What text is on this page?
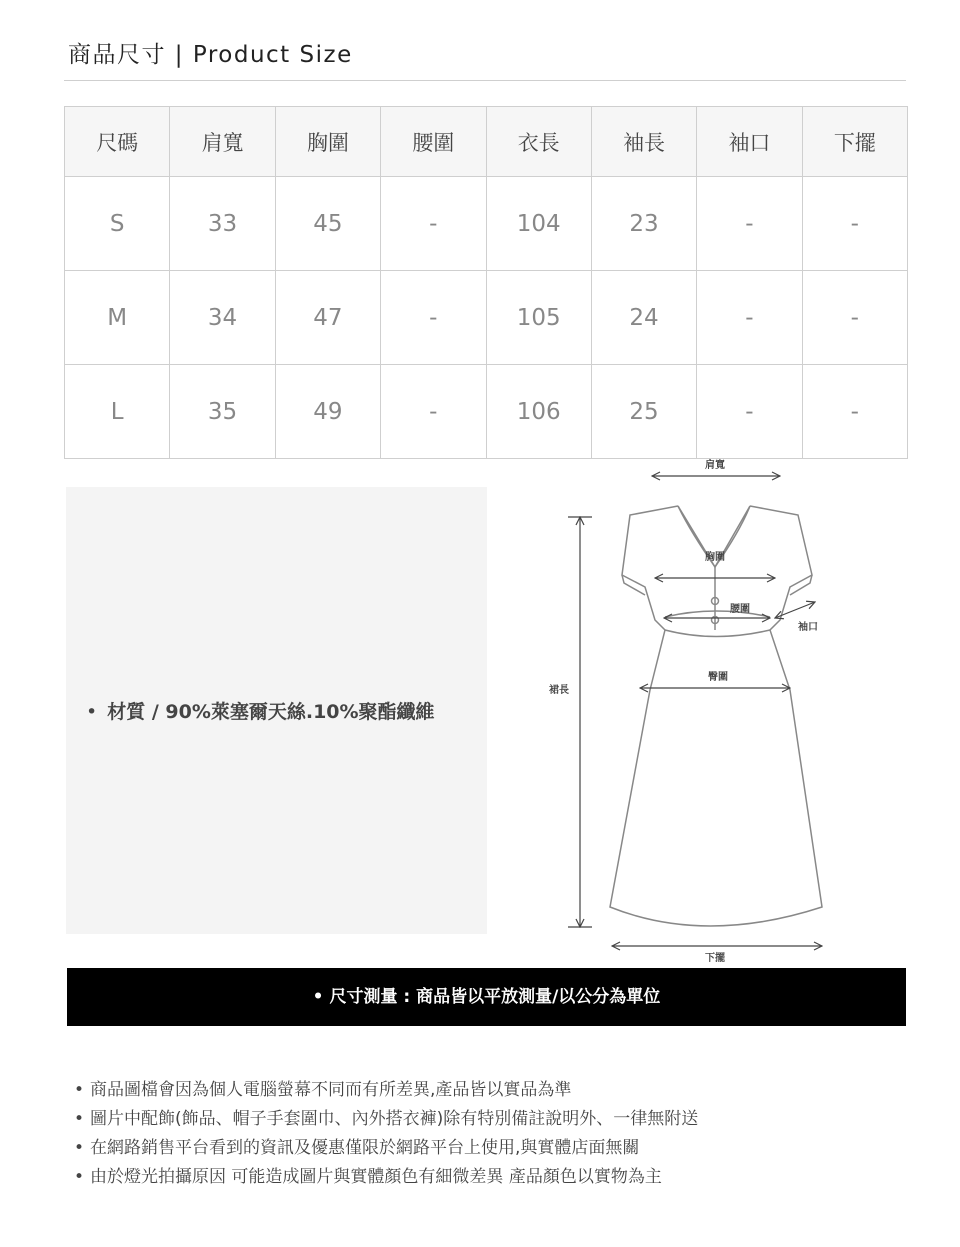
商品尺寸 | Product Size
尺碼	肩寬	胸圍	腰圍	衣長	袖長	袖口	下擺
S	33	45	-	104	23	-	-
M	34	47	-	105	24	-	-
L	35	49	-	106	25	-	-
• 材質 / 90%萊塞爾天絲.10%聚酯纖維
肩寬
胸圍
腰圍
袖口
臀圍
裙長
下擺
• 尺寸測量 : 商品皆以平放測量/以公分為單位
• 商品圖檔會因為個人電腦螢幕不同而有所差異,產品皆以實品為準
• 圖片中配飾(飾品、帽子手套圍巾、內外搭衣褲)除有特別備註說明外、一律無附送
• 在網路銷售平台看到的資訊及優惠僅限於網路平台上使用,與實體店面無關
• 由於燈光拍攝原因 可能造成圖片與實體顏色有細微差異 產品顏色以實物為主
